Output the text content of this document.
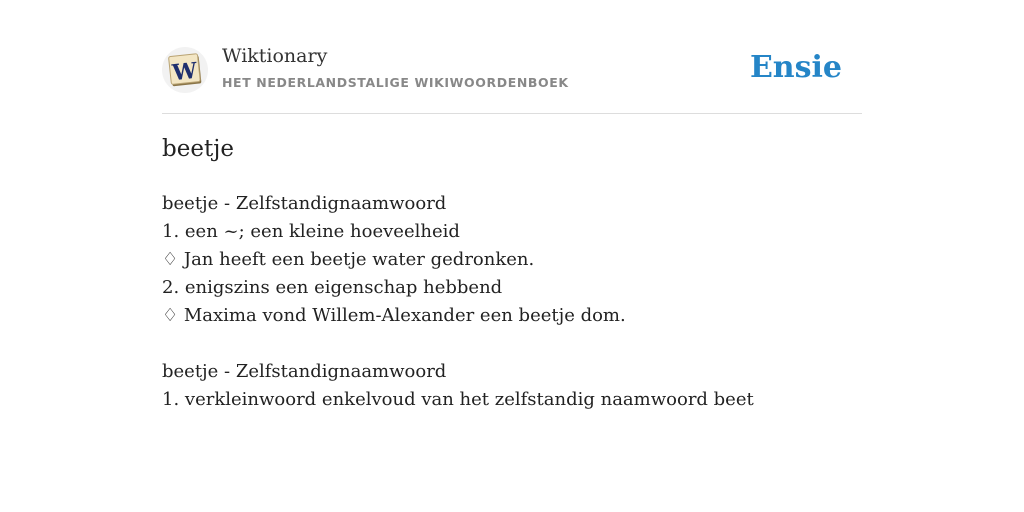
W
Wiktionary
HET NEDERLANDSTALIGE WIKIWOORDENBOEK	Ensie
beetje
beetje - Zelfstandignaamwoord
1. een ~; een kleine hoeveelheid
♢ Jan heeft een beetje water gedronken.
2. enigszins een eigenschap hebbend
♢ Maxima vond Willem-Alexander een beetje dom.
beetje - Zelfstandignaamwoord
1. verkleinwoord enkelvoud van het zelfstandig naamwoord beet
